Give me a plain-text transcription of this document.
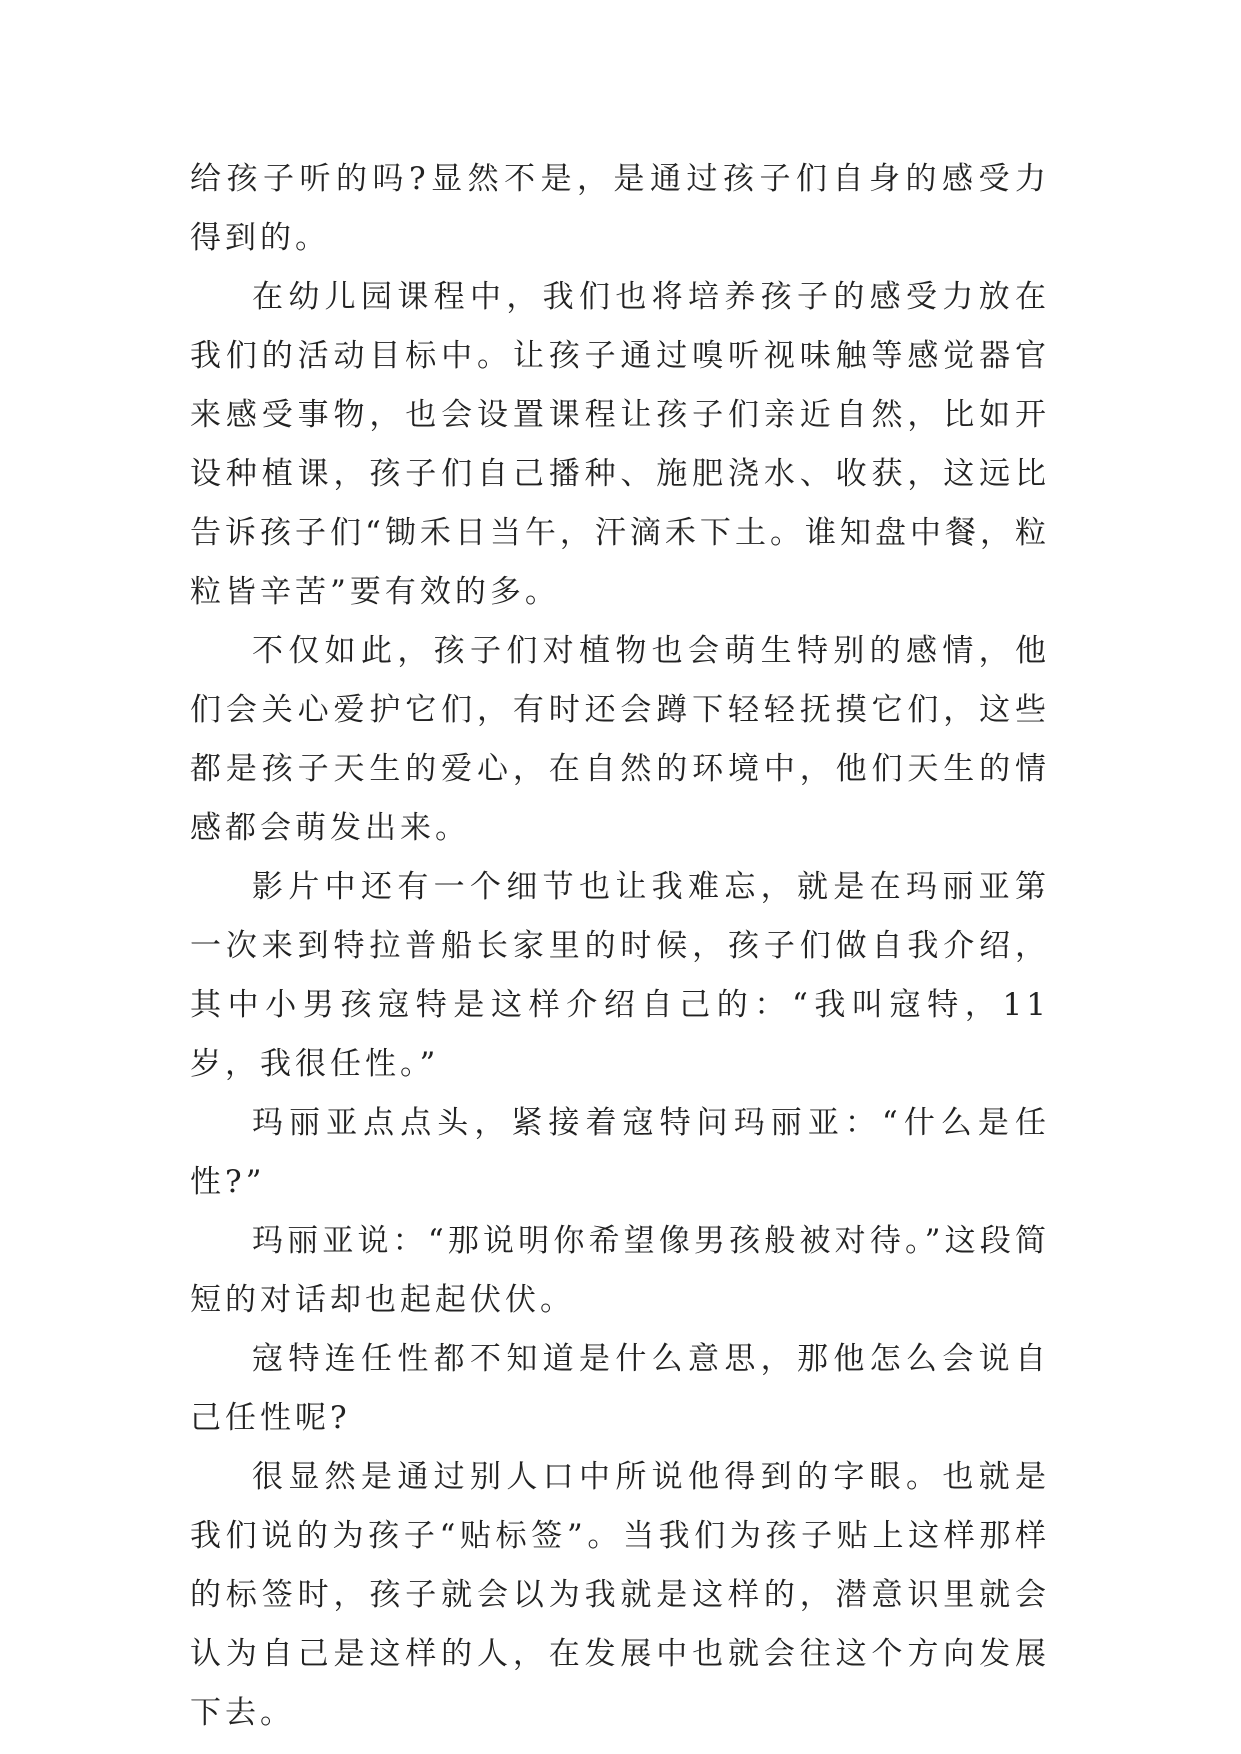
给孩子听的吗?显然不是，是通过孩子们自身的感受力得到的。

在幼儿园课程中，我们也将培养孩子的感受力放在我们的活动目标中。让孩子通过嗅听视味触等感觉器官来感受事物，也会设置课程让孩子们亲近自然，比如开设种植课，孩子们自己播种、施肥浇水、收获，这远比告诉孩子们“锄禾日当午，汗滴禾下土。谁知盘中餐，粒粒皆辛苦”要有效的多。

不仅如此，孩子们对植物也会萌生特别的感情，他们会关心爱护它们，有时还会蹲下轻轻抚摸它们，这些都是孩子天生的爱心，在自然的环境中，他们天生的情感都会萌发出来。

影片中还有一个细节也让我难忘，就是在玛丽亚第一次来到特拉普船长家里的时候，孩子们做自我介绍，其中小男孩寇特是这样介绍自己的：“我叫寇特，11 岁，我很任性。”

玛丽亚点点头，紧接着寇特问玛丽亚：“什么是任性?”

玛丽亚说：“那说明你希望像男孩般被对待。”这段简短的对话却也起起伏伏。

寇特连任性都不知道是什么意思，那他怎么会说自己任性呢?

很显然是通过别人口中所说他得到的字眼。也就是我们说的为孩子“贴标签”。当我们为孩子贴上这样那样的标签时，孩子就会以为我就是这样的，潜意识里就会认为自己是这样的人，在发展中也就会往这个方向发展下去。
